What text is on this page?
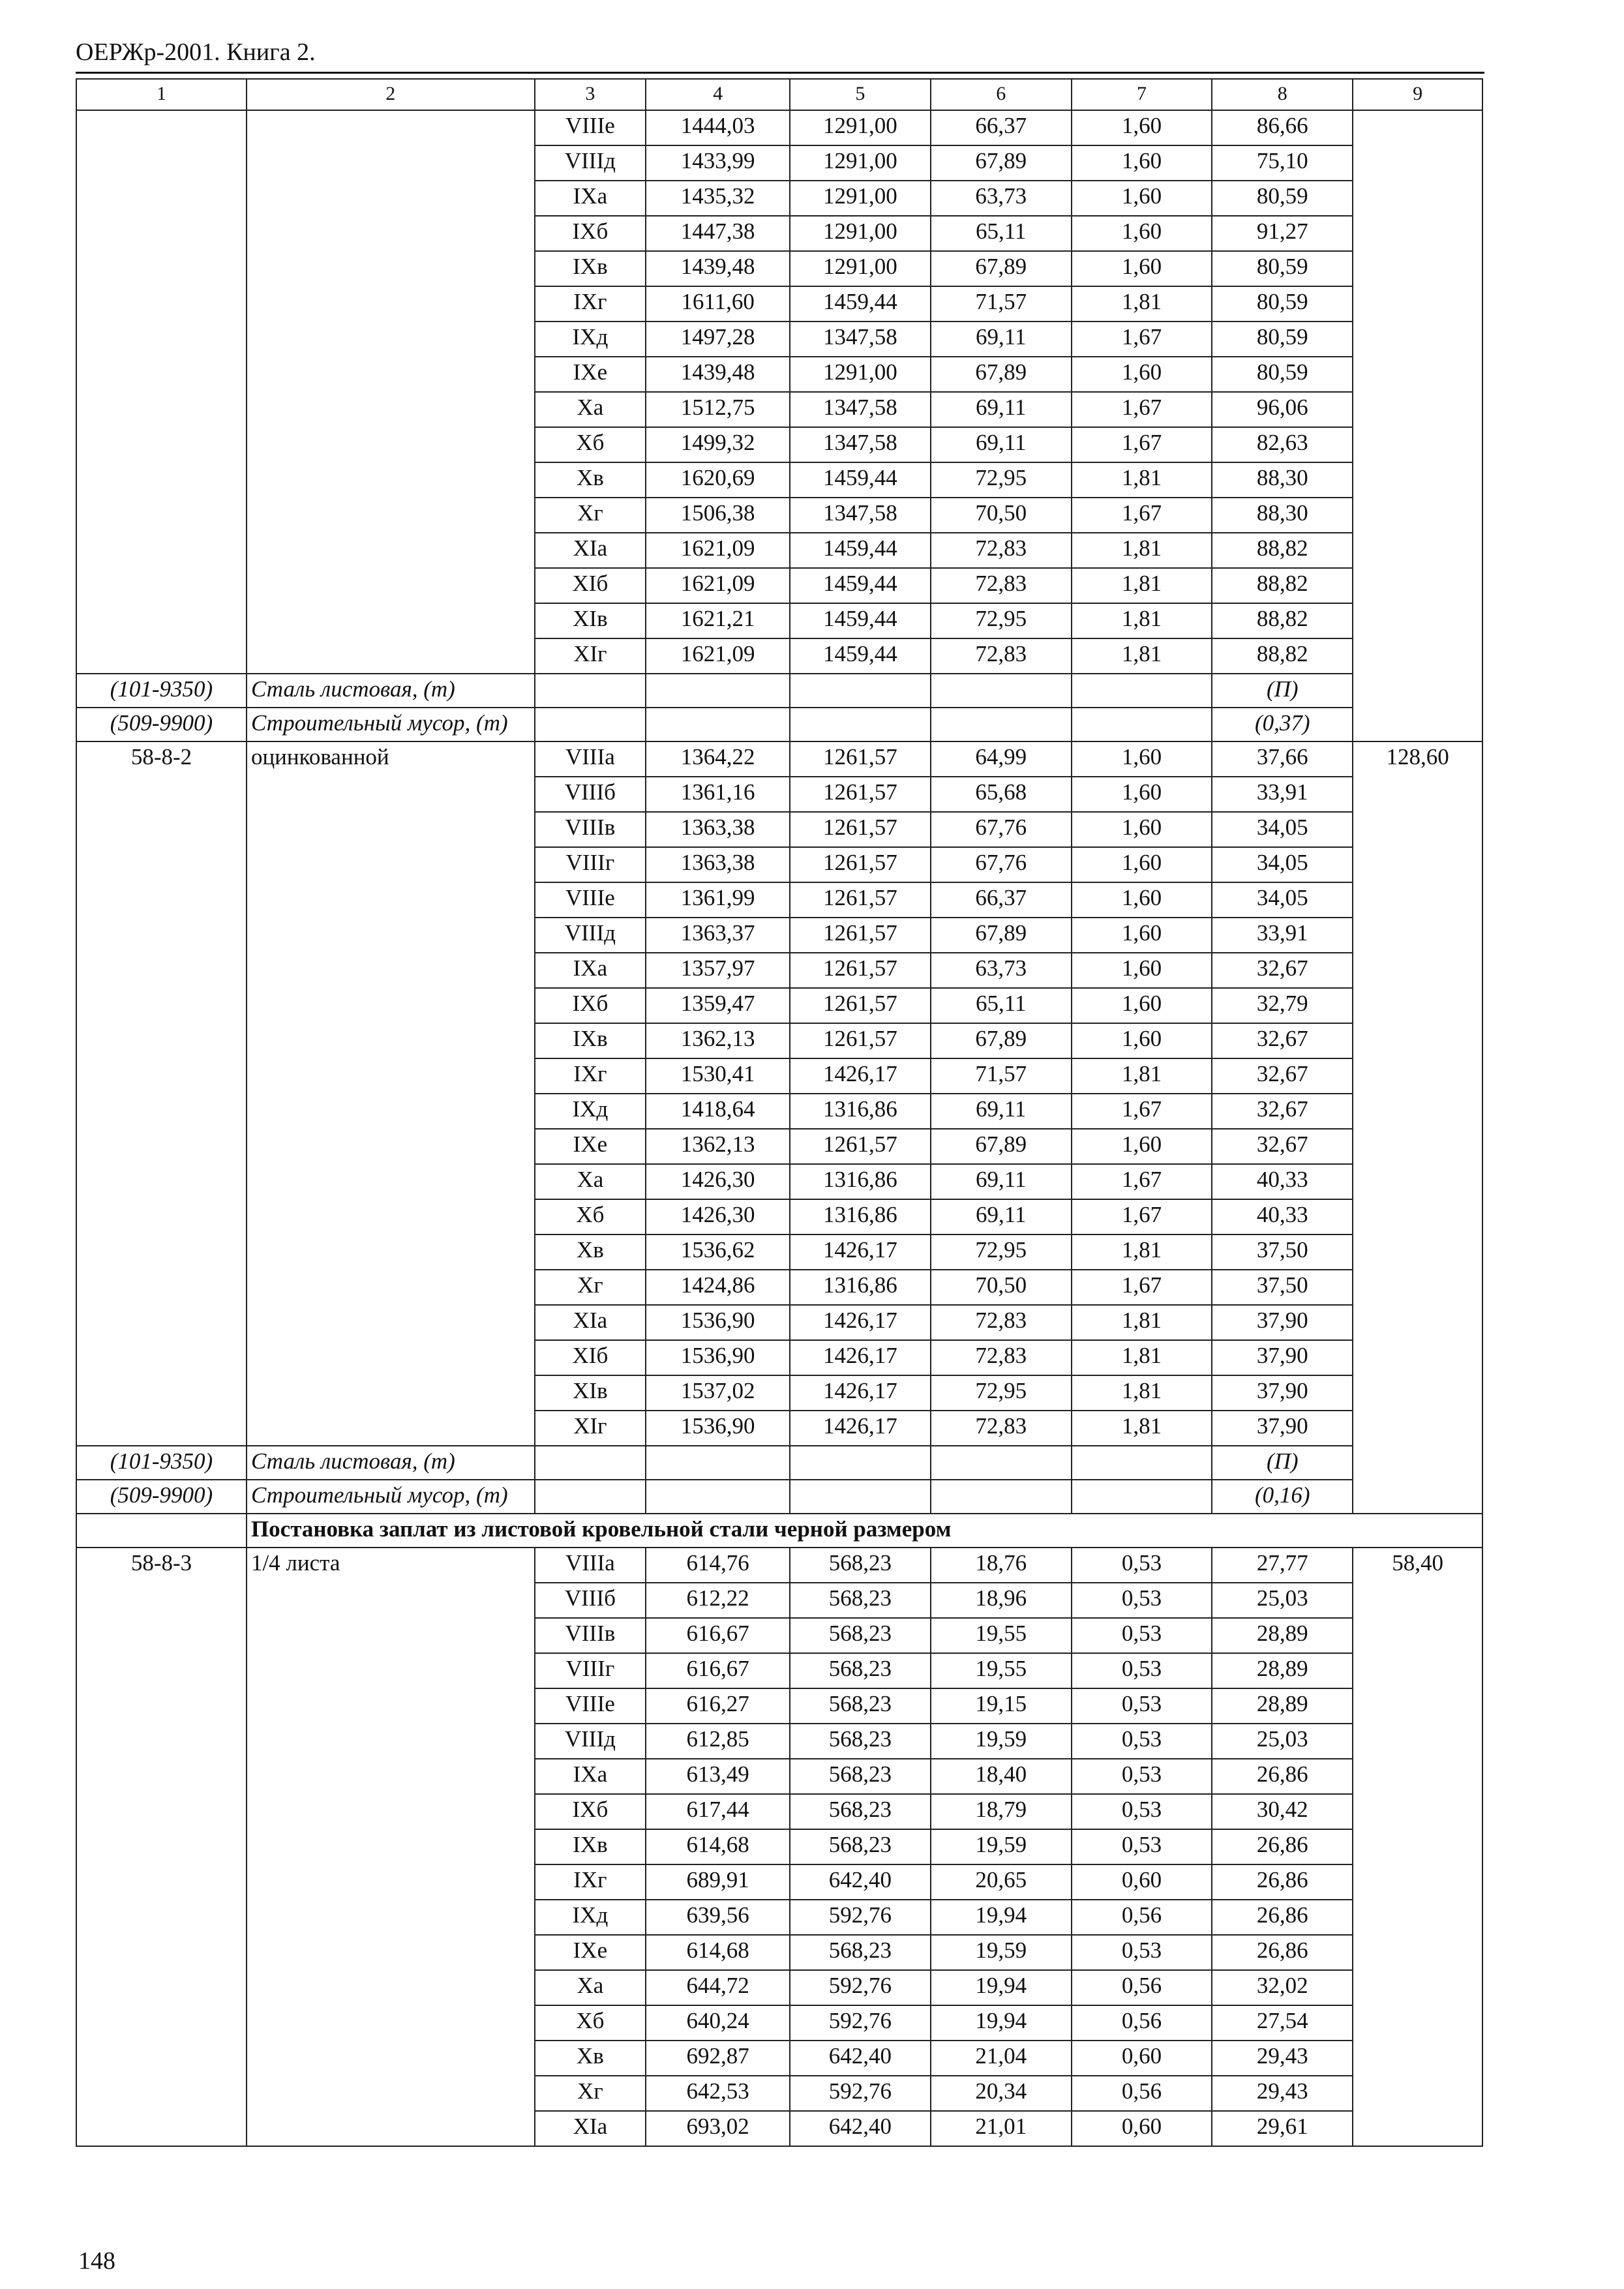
ОЕРЖр-2001. Книга 2.
1	2	3	4	5	6	7	8	9
		VIIIe	1444,03	1291,00	66,37	1,60	86,66	
		VIIIд	1433,99	1291,00	67,89	1,60	75,10	
		IXa	1435,32	1291,00	63,73	1,60	80,59	
		IXб	1447,38	1291,00	65,11	1,60	91,27	
		IXв	1439,48	1291,00	67,89	1,60	80,59	
		IXг	1611,60	1459,44	71,57	1,81	80,59	
		IXд	1497,28	1347,58	69,11	1,67	80,59	
		IXe	1439,48	1291,00	67,89	1,60	80,59	
		Xa	1512,75	1347,58	69,11	1,67	96,06	
		Xб	1499,32	1347,58	69,11	1,67	82,63	
		Xв	1620,69	1459,44	72,95	1,81	88,30	
		Xг	1506,38	1347,58	70,50	1,67	88,30	
		XIa	1621,09	1459,44	72,83	1,81	88,82	
		XIб	1621,09	1459,44	72,83	1,81	88,82	
		XIв	1621,21	1459,44	72,95	1,81	88,82	
		XIг	1621,09	1459,44	72,83	1,81	88,82	
(101-9350)	Сталь листовая, (т)						(П)	
(509-9900)	Строительный мусор, (т)						(0,37)	
58-8-2	оцинкованной	VIIIa	1364,22	1261,57	64,99	1,60	37,66	128,60
		VIIIб	1361,16	1261,57	65,68	1,60	33,91	
		VIIIв	1363,38	1261,57	67,76	1,60	34,05	
		VIIIг	1363,38	1261,57	67,76	1,60	34,05	
		VIIIe	1361,99	1261,57	66,37	1,60	34,05	
		VIIIд	1363,37	1261,57	67,89	1,60	33,91	
		IXa	1357,97	1261,57	63,73	1,60	32,67	
		IXб	1359,47	1261,57	65,11	1,60	32,79	
		IXв	1362,13	1261,57	67,89	1,60	32,67	
		IXг	1530,41	1426,17	71,57	1,81	32,67	
		IXд	1418,64	1316,86	69,11	1,67	32,67	
		IXe	1362,13	1261,57	67,89	1,60	32,67	
		Xa	1426,30	1316,86	69,11	1,67	40,33	
		Xб	1426,30	1316,86	69,11	1,67	40,33	
		Xв	1536,62	1426,17	72,95	1,81	37,50	
		Xг	1424,86	1316,86	70,50	1,67	37,50	
		XIa	1536,90	1426,17	72,83	1,81	37,90	
		XIб	1536,90	1426,17	72,83	1,81	37,90	
		XIв	1537,02	1426,17	72,95	1,81	37,90	
		XIг	1536,90	1426,17	72,83	1,81	37,90	
(101-9350)	Сталь листовая, (т)						(П)	
(509-9900)	Строительный мусор, (т)						(0,16)	
	Постановка заплат из листовой кровельной стали черной размером							
58-8-3	1/4 листа	VIIIa	614,76	568,23	18,76	0,53	27,77	58,40
		VIIIб	612,22	568,23	18,96	0,53	25,03	
		VIIIв	616,67	568,23	19,55	0,53	28,89	
		VIIIг	616,67	568,23	19,55	0,53	28,89	
		VIIIe	616,27	568,23	19,15	0,53	28,89	
		VIIIд	612,85	568,23	19,59	0,53	25,03	
		IXa	613,49	568,23	18,40	0,53	26,86	
		IXб	617,44	568,23	18,79	0,53	30,42	
		IXв	614,68	568,23	19,59	0,53	26,86	
		IXг	689,91	642,40	20,65	0,60	26,86	
		IXд	639,56	592,76	19,94	0,56	26,86	
		IXe	614,68	568,23	19,59	0,53	26,86	
		Xa	644,72	592,76	19,94	0,56	32,02	
		Xб	640,24	592,76	19,94	0,56	27,54	
		Xв	692,87	642,40	21,04	0,60	29,43	
		Xг	642,53	592,76	20,34	0,56	29,43	
		XIa	693,02	642,40	21,01	0,60	29,61	
148
